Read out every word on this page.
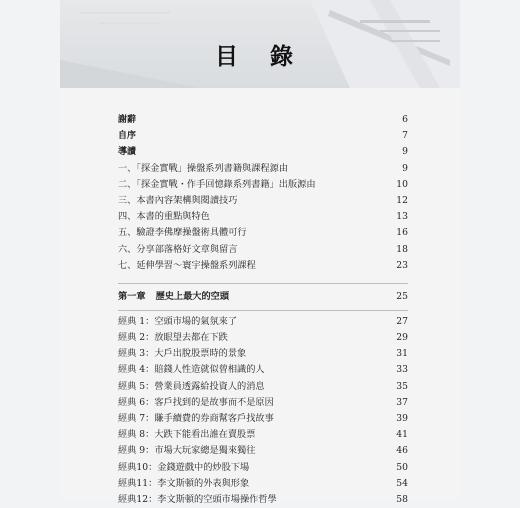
目 錄
謝辭	6
自序	7
導讀	9
一、「探金實戰」操盤系列書籍與課程源由	9
二、「探金實戰・作手回憶錄系列書籍」出版源由	10
三、本書內容架構與閱讀技巧	12
四、本書的重點與特色	13
五、驗證李佛摩操盤術具體可行	16
六、分享部落格好文章與留言	18
七、延伸學習～寰宇操盤系列課程	23
第一章 歷史上最大的空頭	25
經典 1：空頭市場的氣氛來了	27
經典 2：放眼望去都在下跌	29
經典 3：大戶出脫股票時的景象	31
經典 4：賠錢人性造就似曾相識的人	33
經典 5：營業員透露給投資人的消息	35
經典 6：客戶找到的是故事而不是原因	37
經典 7：賺手續費的券商幫客戶找故事	39
經典 8：大跌下能看出誰在賣股票	41
經典 9：市場大玩家總是獨來獨往	46
經典10：金錢遊戲中的炒股下場	50
經典11：李文斯頓的外表與形象	54
經典12：李文斯頓的空頭市場操作哲學	58
